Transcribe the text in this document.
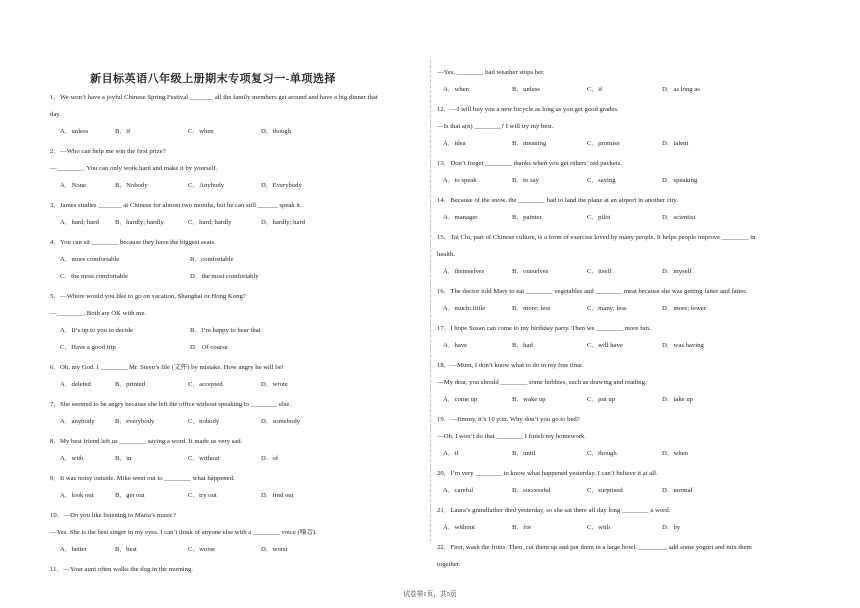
新目标英语八年级上册期末专项复习一-单项选择
1．We won’t have a joyful Chinese Spring Festival _______ all the family members get around and have a big dinner that
day.
A．unless	B．if	C．when	D．though
2．—Who can help me win the first prize?
—________. You can only work hard and make it by yourself.
A．None	B．Nobody	C．Anybody	D．Everybody
3．James studies _______ at Chinese for almost two months, but he can still ______ speak it.
A．hard; hard	B．hardly; hardly	C．hard; hardly	D．hardly; hard
4．You can sit ________ because they have the biggest seats.
A．more comfortable	B．comfortable
C．the most comfortable	D．the most comfortably
5．—Where would you like to go on vacation, Shanghai or Hong Kong?
—________. Both are OK with me.
A．It’s up to you to decide	B．I’m happy to hear that
C．Have a good trip	D．Of course
6．Oh, my God. I ________ Mr. Steen’s file (文件) by mistake. How angry he will be!
A．deleted	B．printed	C．accepted	D．wrote
7．She seemed to be angry because she left the office without speaking to ________ else.
A．anybody	B．everybody	C．nobody	D．somebody
8．My best friend left us ________ saying a word. It made us very sad.
A．with	B．in	C．without	D．of
9．It was noisy outside. Mike went out to ________ what happened.
A．look out	B．get out	C．try out	D．find out
10．—Do you like listening to Maria’s music?
—Yes. She is the best singer in my eyes. I can’t think of anyone else with a ________ voice (嗓音).
A．better	B．best	C．worse	D．worst
11．—Your aunt often walks the dog in the morning.
—Yes, ________ bad weather stops her.
A．when	B．unless	C．if	D．as long as
12．—I will buy you a new bicycle as long as you get good grades.
—Is that a(n) ________? I will try my best.
A．idea	B．meaning	C．promise	D．talent
13．Don’t forget ________ thanks when you get others’ red packets.
A．to speak	B．to say	C．saying	D．speaking
14．Because of the snow, the ________ had to land the plane at an airport in another city.
A．manager	B．painter	C．pilot	D．scientist
15．Tai Chi, part of Chinese culture, is a form of exercise loved by many people. It helps people improve ________ in
health.
A．themselves	B．ourselves	C．itself	D．myself
16．The doctor told Mary to eat ________ vegetables and ________ meat because she was getting fatter and fatter.
A．much; little	B．more; less	C．many; less	D．more; fewer
17．I hope Susan can come to my birthday party. Then we ________ more fun.
A．have	B．had	C．will have	D．was having
18．—Mum, I don’t know what to do in my free time.
—My dear, you should ________ some hobbies, such as drawing and reading.
A．come up	B．wake up	C．put up	D．take up
19．—Jimmy, it’s 10 p.m. Why don’t you go to bed?
—Oh, I won’t do that ________ I finish my homework.
A．if	B．until	C．though	D．when
20．I’m very ________ to know what happened yesterday. I can’t believe it at all.
A．careful	B．successful	C．surprised	D．normal
21．Laura’s grandfather died yesterday, so she sat there all day long ________ a word.
A．without	B．for	C．with	D．by
22．First, wash the fruits. Then, cut them up and put them in a large bowl. ________, add some yogurt and mix them
together.
试卷第1页，共5页
